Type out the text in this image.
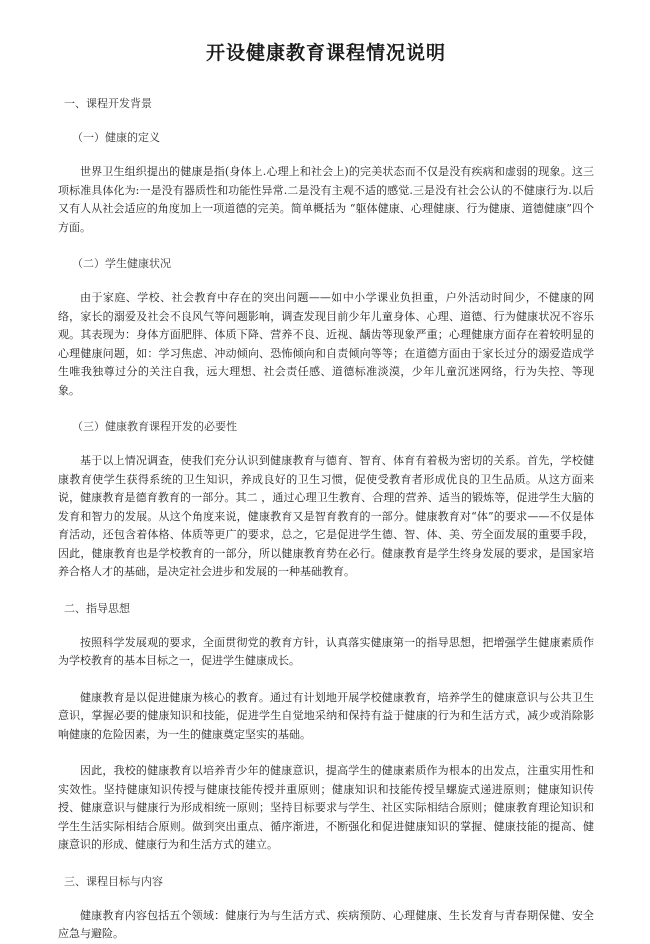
开设健康教育课程情况说明
一、课程开发背景
（一）健康的定义

世界卫生组织提出的健康是指(身体上.心理上和社会上)的完美状态而不仅是没有疾病和虚弱的现象。这三项标准具体化为:一是没有器质性和功能性异常.二是没有主观不适的感觉.三是没有社会公认的不健康行为.以后又有人从社会适应的角度加上一项道德的完美。简单概括为 “躯体健康、心理健康、行为健康、道德健康”四个方面。

（二）学生健康状况

由于家庭、学校、社会教育中存在的突出问题——如中小学课业负担重，户外活动时间少，不健康的网络，家长的溺爱及社会不良风气等问题影响，调查发现目前少年儿童身体、心理、道德、行为健康状况不容乐观。其表现为：身体方面肥胖、体质下降、营养不良、近视、龋齿等现象严重；心理健康方面存在着较明显的心理健康问题，如：学习焦虑、冲动倾向、恐怖倾向和自责倾向等等；在道德方面由于家长过分的溺爱造成学生唯我独尊过分的关注自我，远大理想、社会责任感、道德标准淡漠，少年儿童沉迷网络，行为失控、等现象。

（三）健康教育课程开发的必要性

基于以上情况调查，使我们充分认识到健康教育与德育、智育、体育有着极为密切的关系。首先，学校健康教育使学生获得系统的卫生知识，养成良好的卫生习惯，促使受教育者形成优良的卫生品质。从这方面来说，健康教育是德育教育的一部分。其二 ，通过心理卫生教育、合理的营养、适当的锻炼等，促进学生大脑的发育和智力的发展。从这个角度来说，健康教育又是智育教育的一部分。健康教育对“体”的要求——不仅是体育活动，还包含着体格、体质等更广的要求，总之，它是促进学生德、智、体、美、劳全面发展的重要手段，因此，健康教育也是学校教育的一部分，所以健康教育势在必行。健康教育是学生终身发展的要求，是国家培养合格人才的基础，是决定社会进步和发展的一种基础教育。

二、指导思想

按照科学发展观的要求，全面贯彻党的教育方针，认真落实健康第一的指导思想，把增强学生健康素质作为学校教育的基本目标之一，促进学生健康成长。

健康教育是以促进健康为核心的教育。通过有计划地开展学校健康教育，培养学生的健康意识与公共卫生意识，掌握必要的健康知识和技能，促进学生自觉地采纳和保持有益于健康的行为和生活方式，减少或消除影响健康的危险因素，为一生的健康奠定坚实的基础。

因此，我校的健康教育以培养青少年的健康意识，提高学生的健康素质作为根本的出发点，注重实用性和实效性。坚持健康知识传授与健康技能传授并重原则；健康知识和技能传授呈螺旋式递进原则；健康知识传授、健康意识与健康行为形成相统一原则；坚持目标要求与学生、社区实际相结合原则；健康教育理论知识和学生生活实际相结合原则。做到突出重点、循序渐进，不断强化和促进健康知识的掌握、健康技能的提高、健康意识的形成、健康行为和生活方式的建立。

三、课程目标与内容

健康教育内容包括五个领域：健康行为与生活方式、疾病预防、心理健康、生长发育与青春期保健、安全应急与避险。
